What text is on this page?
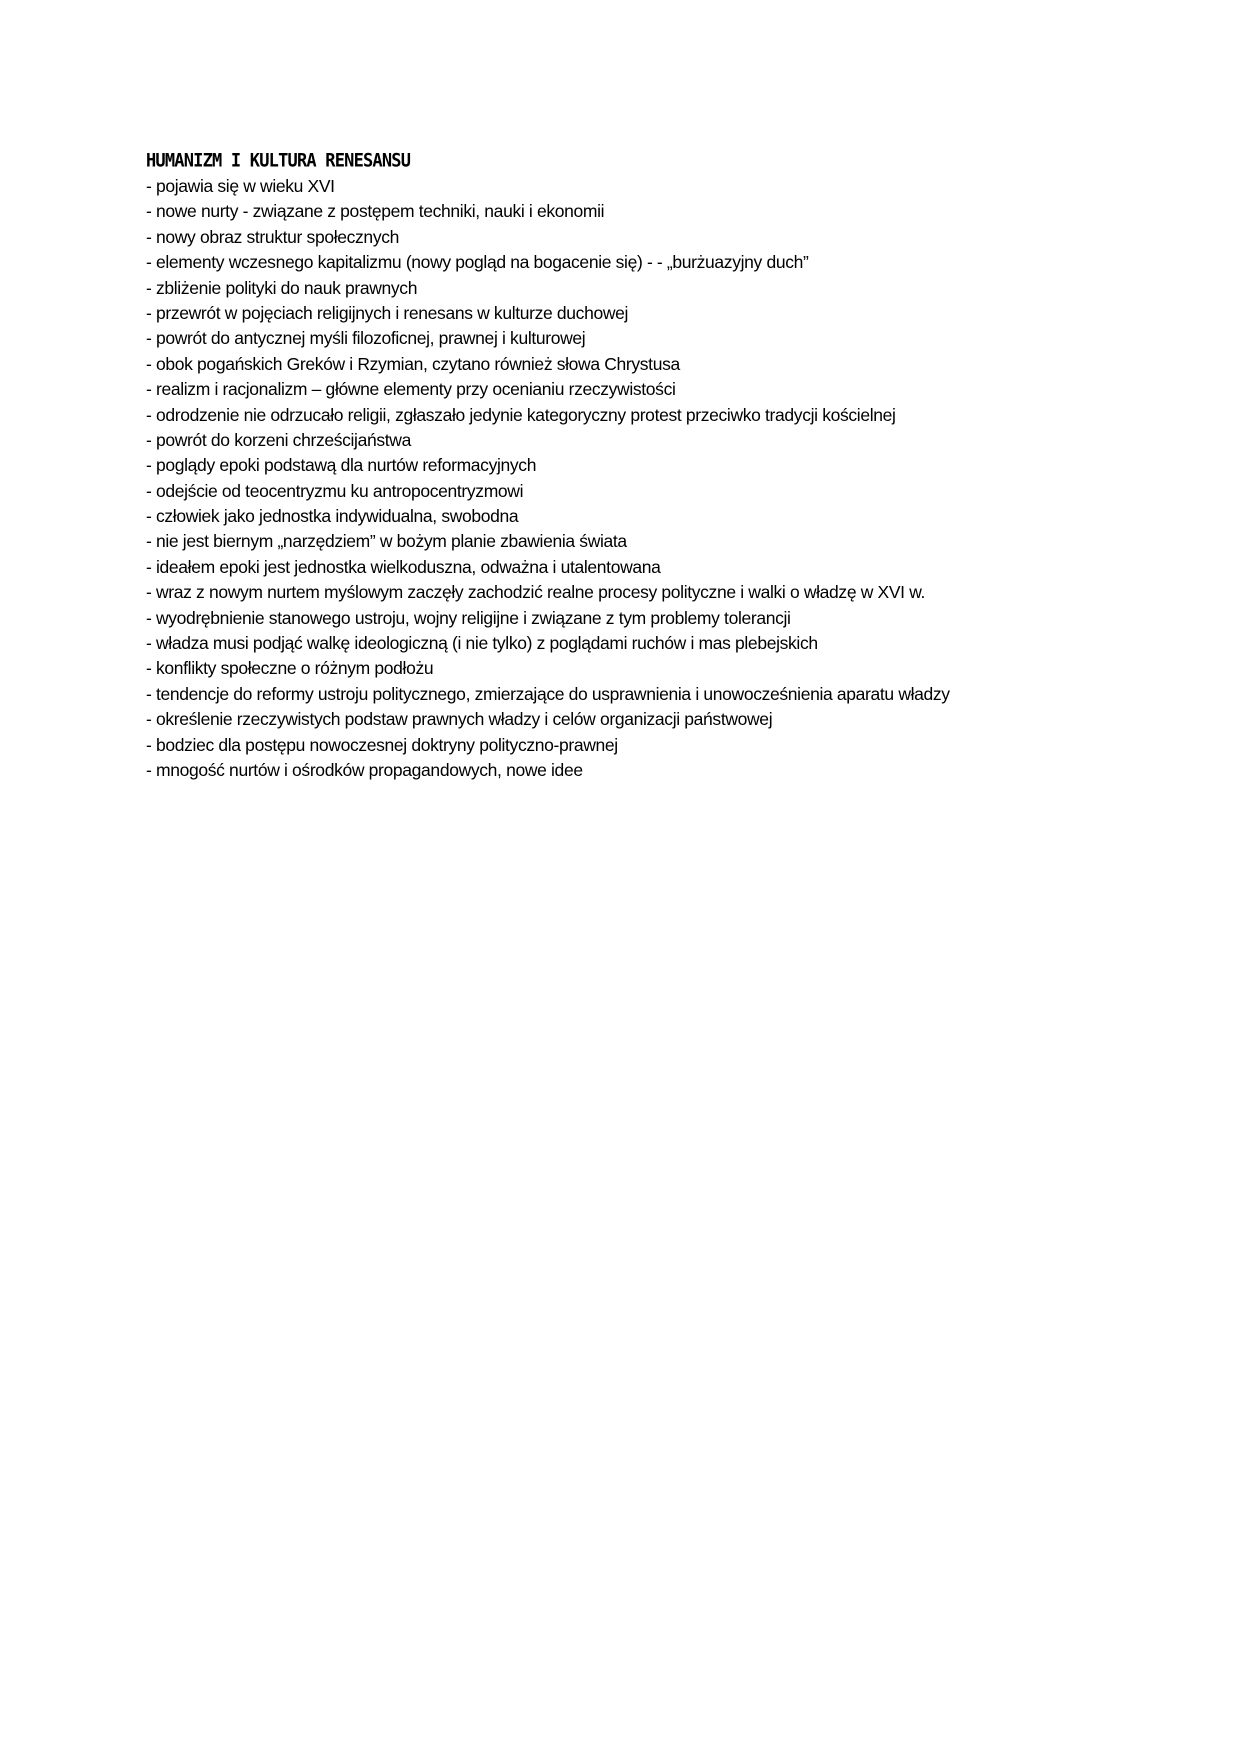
HUMANIZM I KULTURA RENESANSU
- pojawia się w wieku XVI
- nowe nurty - związane z postępem techniki, nauki i ekonomii
- nowy obraz struktur społecznych
- elementy wczesnego kapitalizmu (nowy pogląd na bogacenie się) - - „burżuazyjny duch”
- zbliżenie polityki do nauk prawnych
- przewrót w pojęciach religijnych i renesans w kulturze duchowej
- powrót do antycznej myśli filozoficnej, prawnej i kulturowej
- obok pogańskich Greków i Rzymian, czytano również słowa Chrystusa
- realizm i racjonalizm – główne elementy przy ocenianiu rzeczywistości
- odrodzenie nie odrzucało religii, zgłaszało jedynie kategoryczny protest przeciwko tradycji kościelnej
- powrót do korzeni chrześcijaństwa
- poglądy epoki podstawą dla nurtów reformacyjnych
- odejście od teocentryzmu ku antropocentryzmowi
- człowiek jako jednostka indywidualna, swobodna
- nie jest biernym „narzędziem” w bożym planie zbawienia świata
- ideałem epoki jest jednostka wielkoduszna, odważna i utalentowana
- wraz z nowym nurtem myślowym zaczęły zachodzić realne procesy polityczne i walki o władzę w XVI w.
- wyodrębnienie stanowego ustroju, wojny religijne i związane z tym problemy tolerancji
- władza musi podjąć walkę ideologiczną (i nie tylko) z poglądami ruchów i mas plebejskich
- konflikty społeczne o różnym podłożu
- tendencje do reformy ustroju politycznego, zmierzające do usprawnienia i unowocześnienia aparatu władzy
- określenie rzeczywistych podstaw prawnych władzy i celów organizacji państwowej
- bodziec dla postępu nowoczesnej doktryny polityczno-prawnej
- mnogość nurtów i ośrodków propagandowych, nowe idee
